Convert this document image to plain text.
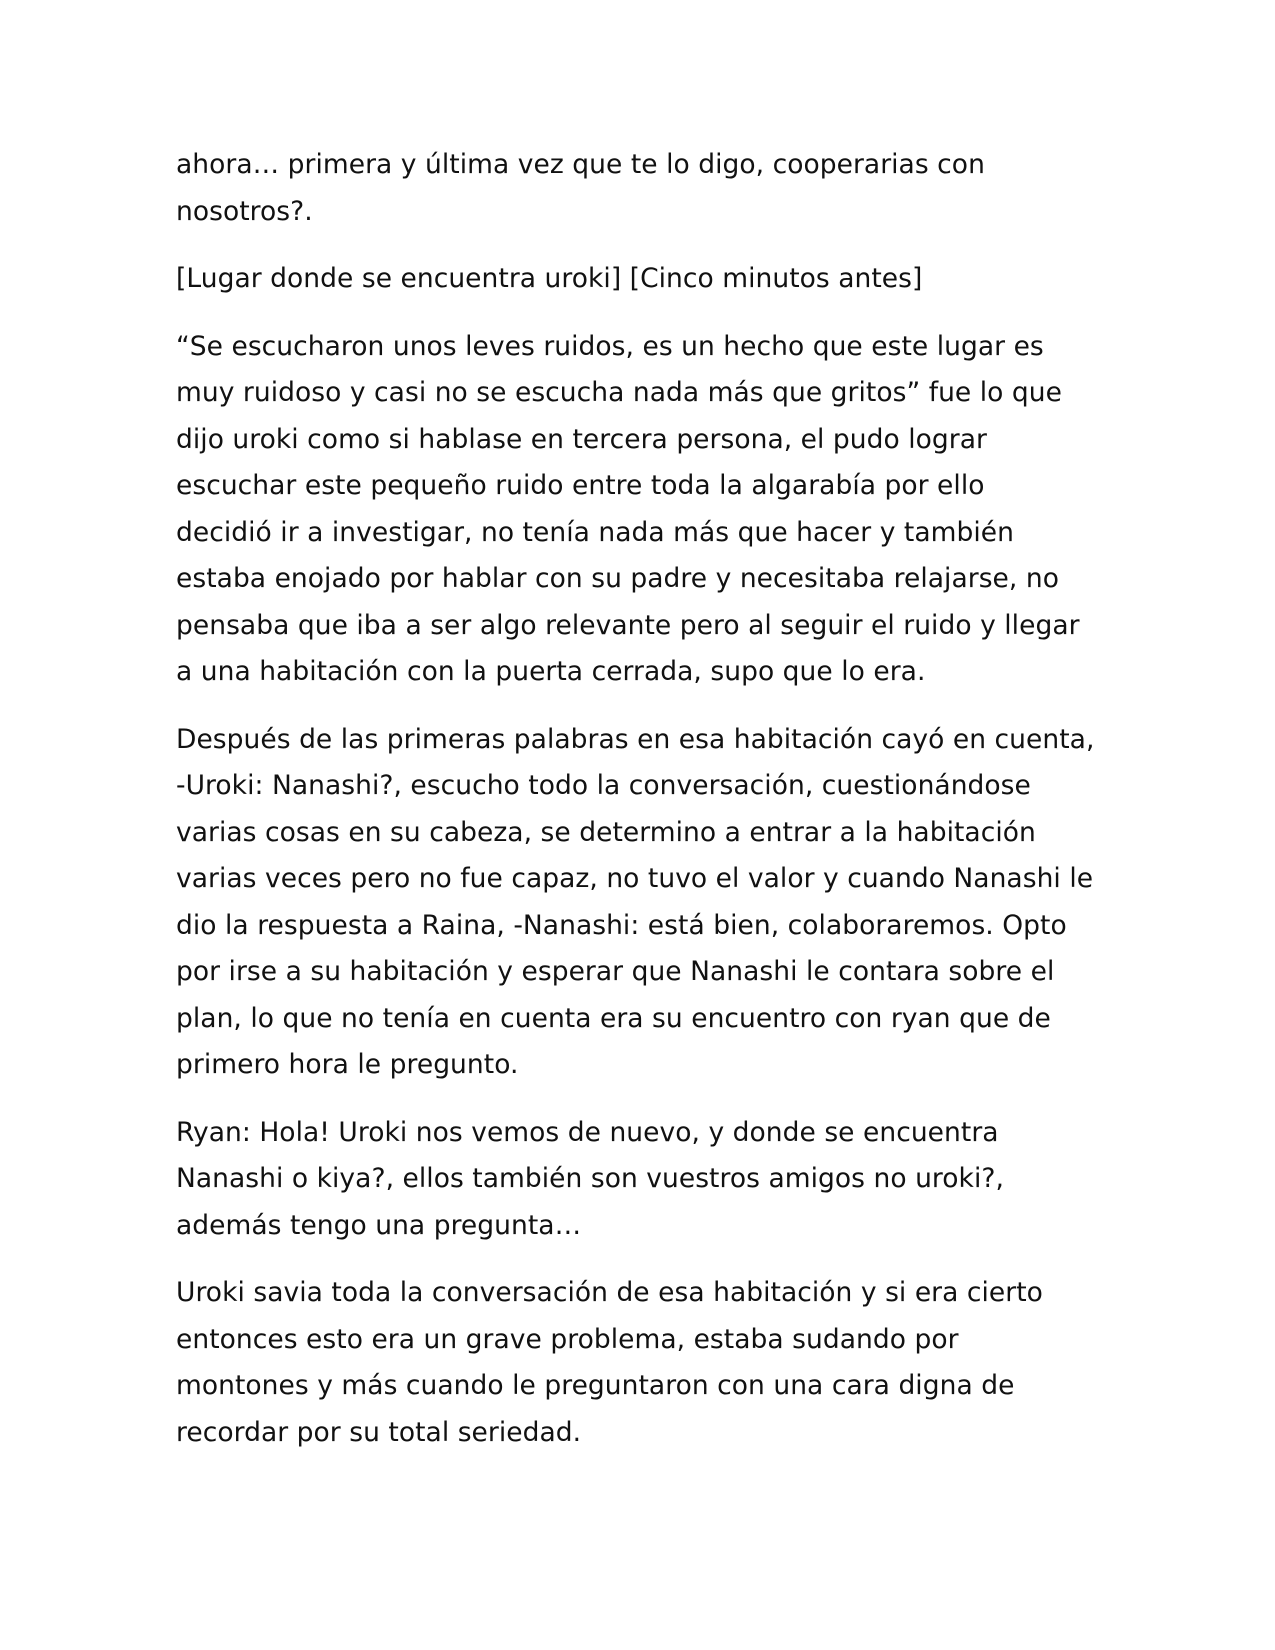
ahora… primera y última vez que te lo digo, cooperarias con
nosotros?.

[Lugar donde se encuentra uroki] [Cinco minutos antes]

“Se escucharon unos leves ruidos, es un hecho que este lugar es
muy ruidoso y casi no se escucha nada más que gritos” fue lo que
dijo uroki como si hablase en tercera persona, el pudo lograr
escuchar este pequeño ruido entre toda la algarabía por ello
decidió ir a investigar, no tenía nada más que hacer y también
estaba enojado por hablar con su padre y necesitaba relajarse, no
pensaba que iba a ser algo relevante pero al seguir el ruido y llegar
a una habitación con la puerta cerrada, supo que lo era.

Después de las primeras palabras en esa habitación cayó en cuenta,
-Uroki: Nanashi?, escucho todo la conversación, cuestionándose
varias cosas en su cabeza, se determino a entrar a la habitación
varias veces pero no fue capaz, no tuvo el valor y cuando Nanashi le
dio la respuesta a Raina, -Nanashi: está bien, colaboraremos. Opto
por irse a su habitación y esperar que Nanashi le contara sobre el
plan, lo que no tenía en cuenta era su encuentro con ryan que de
primero hora le pregunto.

Ryan: Hola! Uroki nos vemos de nuevo, y donde se encuentra
Nanashi o kiya?, ellos también son vuestros amigos no uroki?,
además tengo una pregunta…

Uroki savia toda la conversación de esa habitación y si era cierto
entonces esto era un grave problema, estaba sudando por
montones y más cuando le preguntaron con una cara digna de
recordar por su total seriedad.
